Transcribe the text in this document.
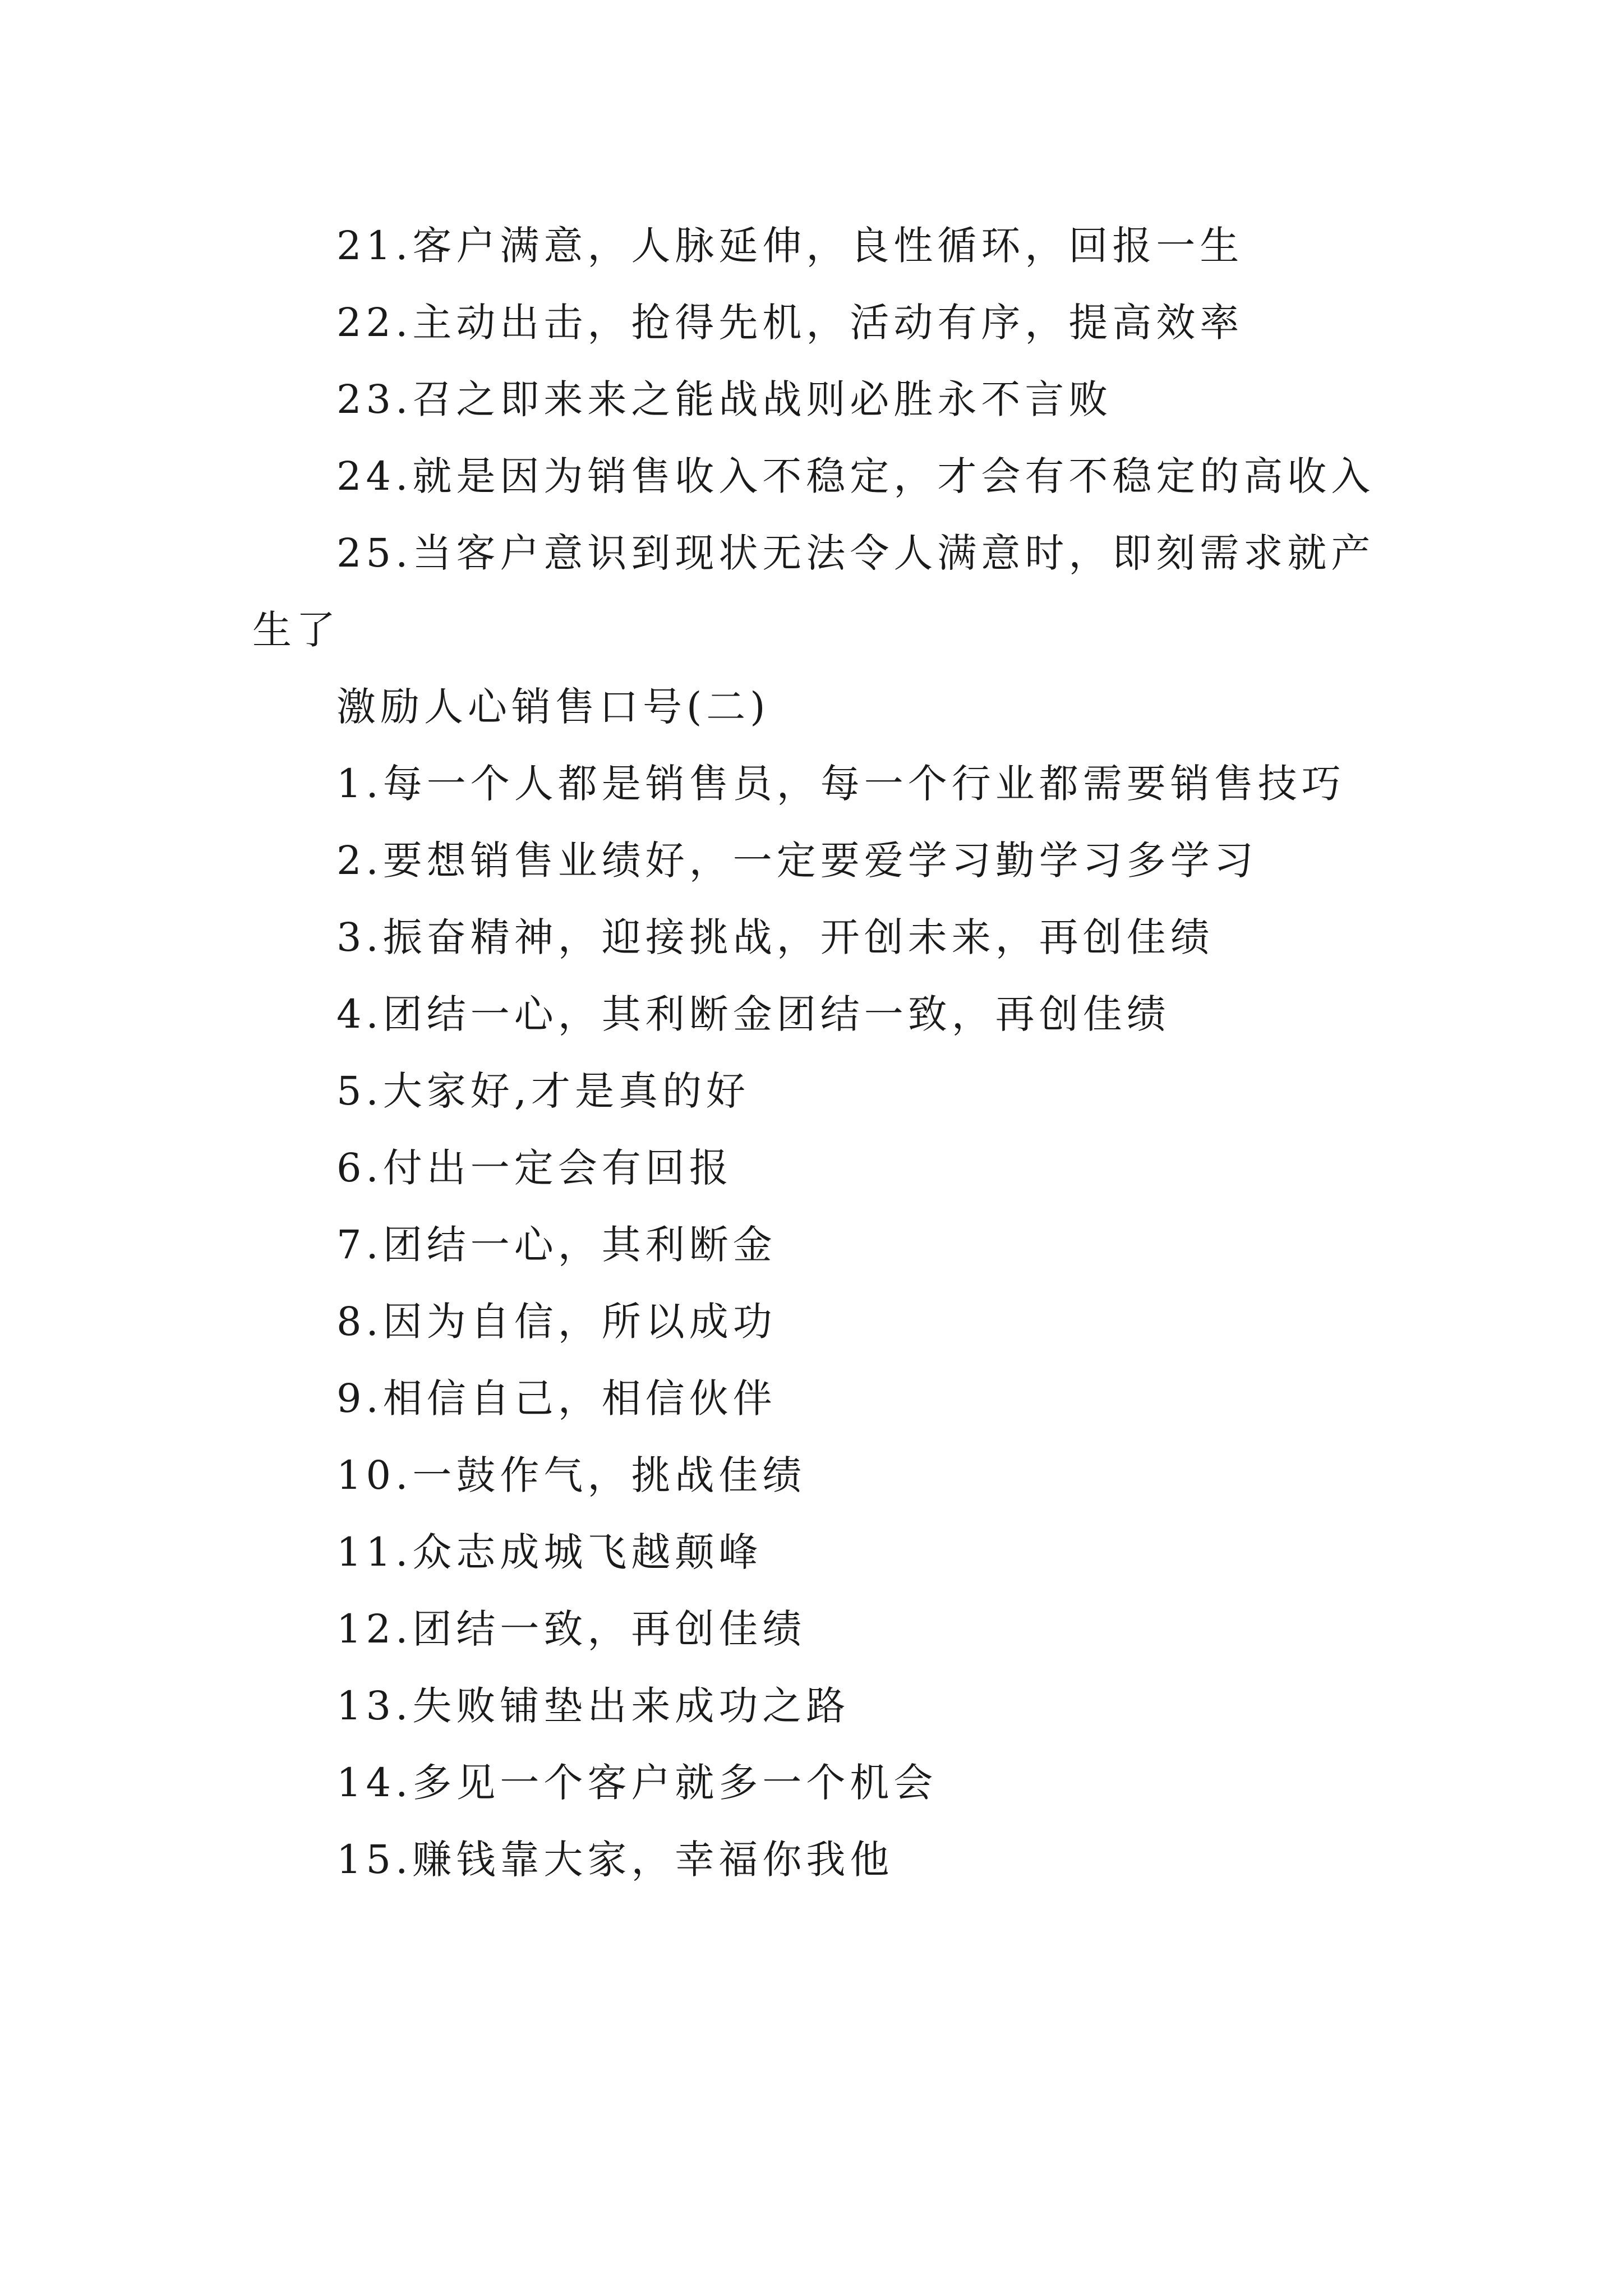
21.客户满意，人脉延伸，良性循环，回报一生
22.主动出击，抢得先机，活动有序，提高效率
23.召之即来来之能战战则必胜永不言败
24.就是因为销售收入不稳定，才会有不稳定的高收入
25.当客户意识到现状无法令人满意时，即刻需求就产
生了
激励人心销售口号(二)
1.每一个人都是销售员，每一个行业都需要销售技巧
2.要想销售业绩好，一定要爱学习勤学习多学习
3.振奋精神，迎接挑战，开创未来，再创佳绩
4.团结一心，其利断金团结一致，再创佳绩
5.大家好,才是真的好
6.付出一定会有回报
7.团结一心，其利断金
8.因为自信，所以成功
9.相信自己，相信伙伴
10.一鼓作气，挑战佳绩
11.众志成城飞越颠峰
12.团结一致，再创佳绩
13.失败铺垫出来成功之路
14.多见一个客户就多一个机会
15.赚钱靠大家，幸福你我他
